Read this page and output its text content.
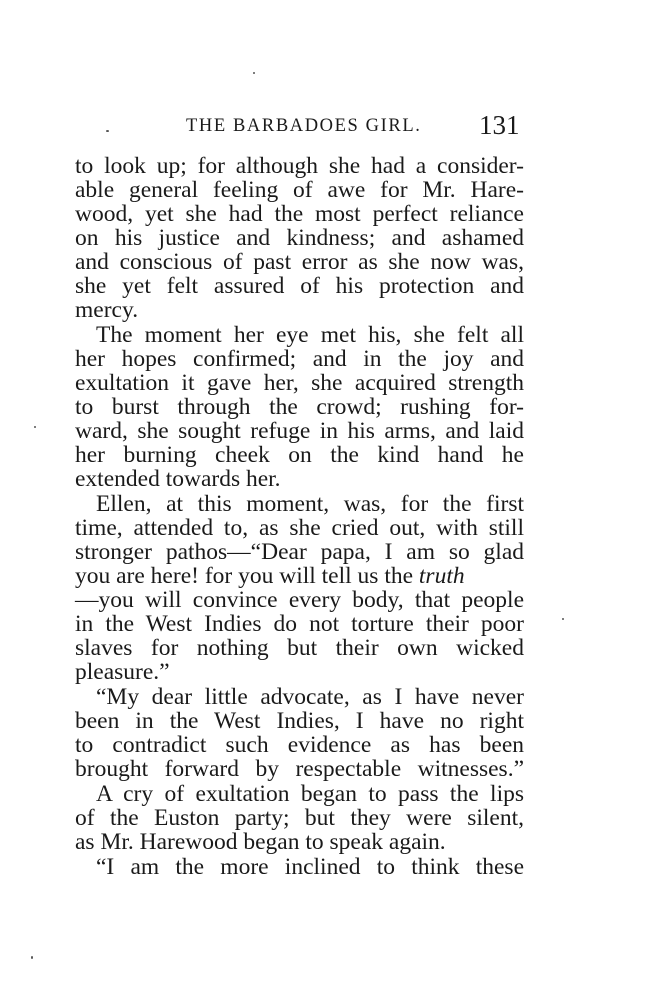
THE BARBADOES GIRL. 131
to look up; for although she had a consider-
able general feeling of awe for Mr. Hare-
wood, yet she had the most perfect reliance
on his justice and kindness; and ashamed
and conscious of past error as she now was,
she yet felt assured of his protection and
mercy.
The moment her eye met his, she felt all
her hopes confirmed; and in the joy and
exultation it gave her, she acquired strength
to burst through the crowd; rushing for-
ward, she sought refuge in his arms, and laid
her burning cheek on the kind hand he
extended towards her.
Ellen, at this moment, was, for the first
time, attended to, as she cried out, with still
stronger pathos—“Dear papa, I am so glad
you are here! for you will tell us the truth
—you will convince every body, that people
in the West Indies do not torture their poor
slaves for nothing but their own wicked
pleasure.”
“My dear little advocate, as I have never
been in the West Indies, I have no right
to contradict such evidence as has been
brought forward by respectable witnesses.”
A cry of exultation began to pass the lips
of the Euston party; but they were silent,
as Mr. Harewood began to speak again.
“I am the more inclined to think these
